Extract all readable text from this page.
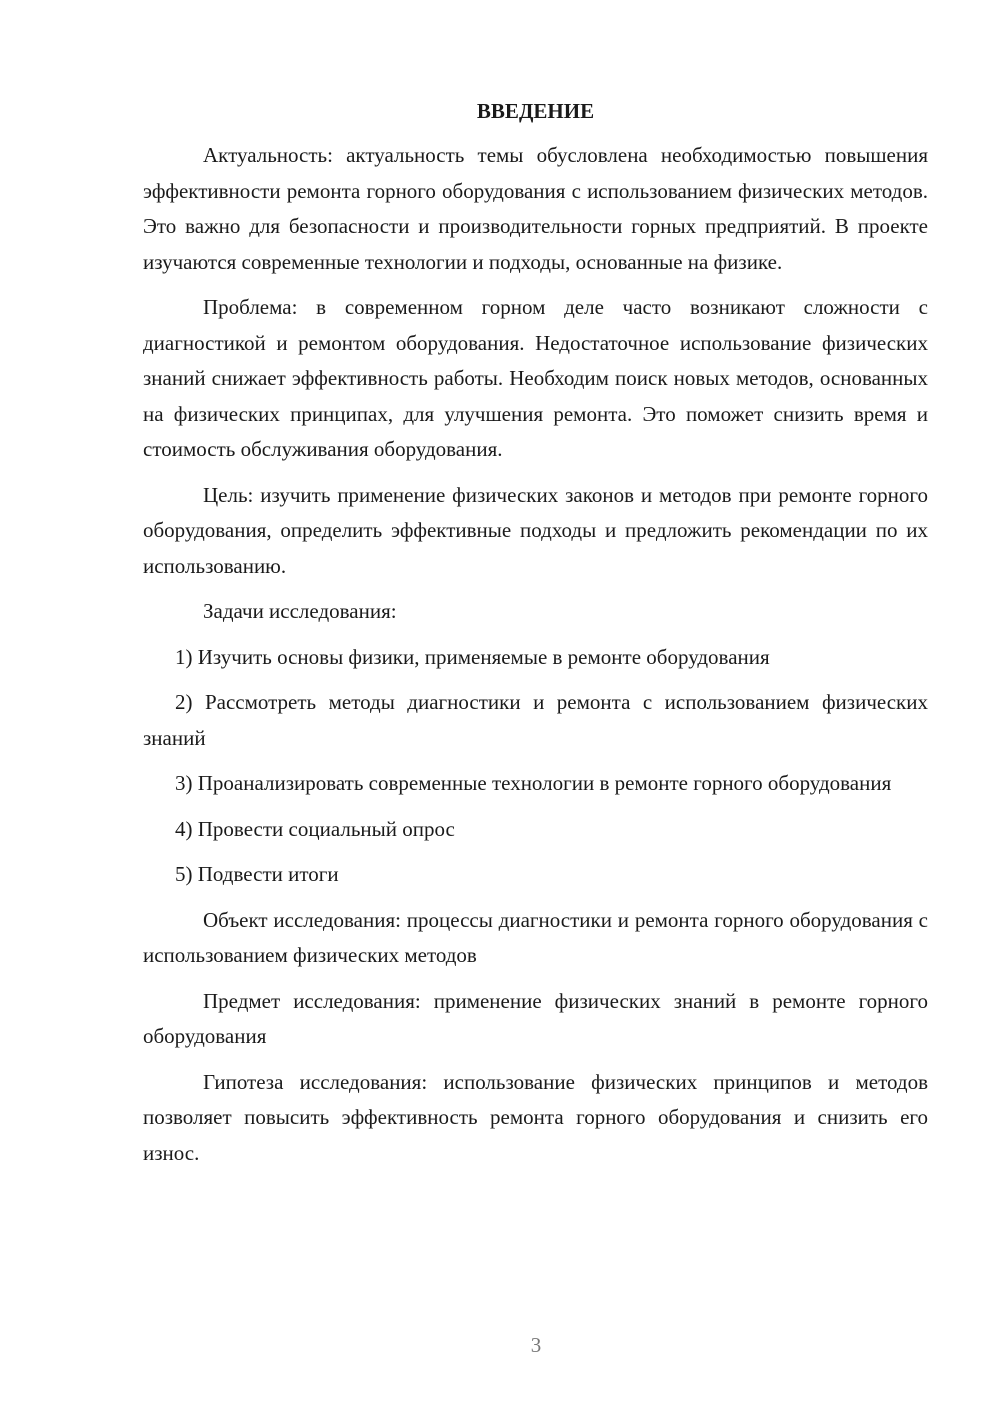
ВВЕДЕНИЕ

Актуальность: актуальность темы обусловлена необходимостью повышения эффективности ремонта горного оборудования с использованием физических методов. Это важно для безопасности и производительности горных предприятий. В проекте изучаются современные технологии и подходы, основанные на физике.

Проблема: в современном горном деле часто возникают сложности с диагностикой и ремонтом оборудования. Недостаточное использование физических знаний снижает эффективность работы. Необходим поиск новых методов, основанных на физических принципах, для улучшения ремонта. Это поможет снизить время и стоимость обслуживания оборудования.

Цель: изучить применение физических законов и методов при ремонте горного оборудования, определить эффективные подходы и предложить рекомендации по их использованию.

Задачи исследования:

1) Изучить основы физики, применяемые в ремонте оборудования

2) Рассмотреть методы диагностики и ремонта с использованием физических знаний

3) Проанализировать современные технологии в ремонте горного оборудования

4) Провести социальный опрос

5) Подвести итоги

Объект исследования: процессы диагностики и ремонта горного оборудования с использованием физических методов

Предмет исследования: применение физических знаний в ремонте горного оборудования

Гипотеза исследования: использование физических принципов и методов позволяет повысить эффективность ремонта горного оборудования и снизить его износ.

3
